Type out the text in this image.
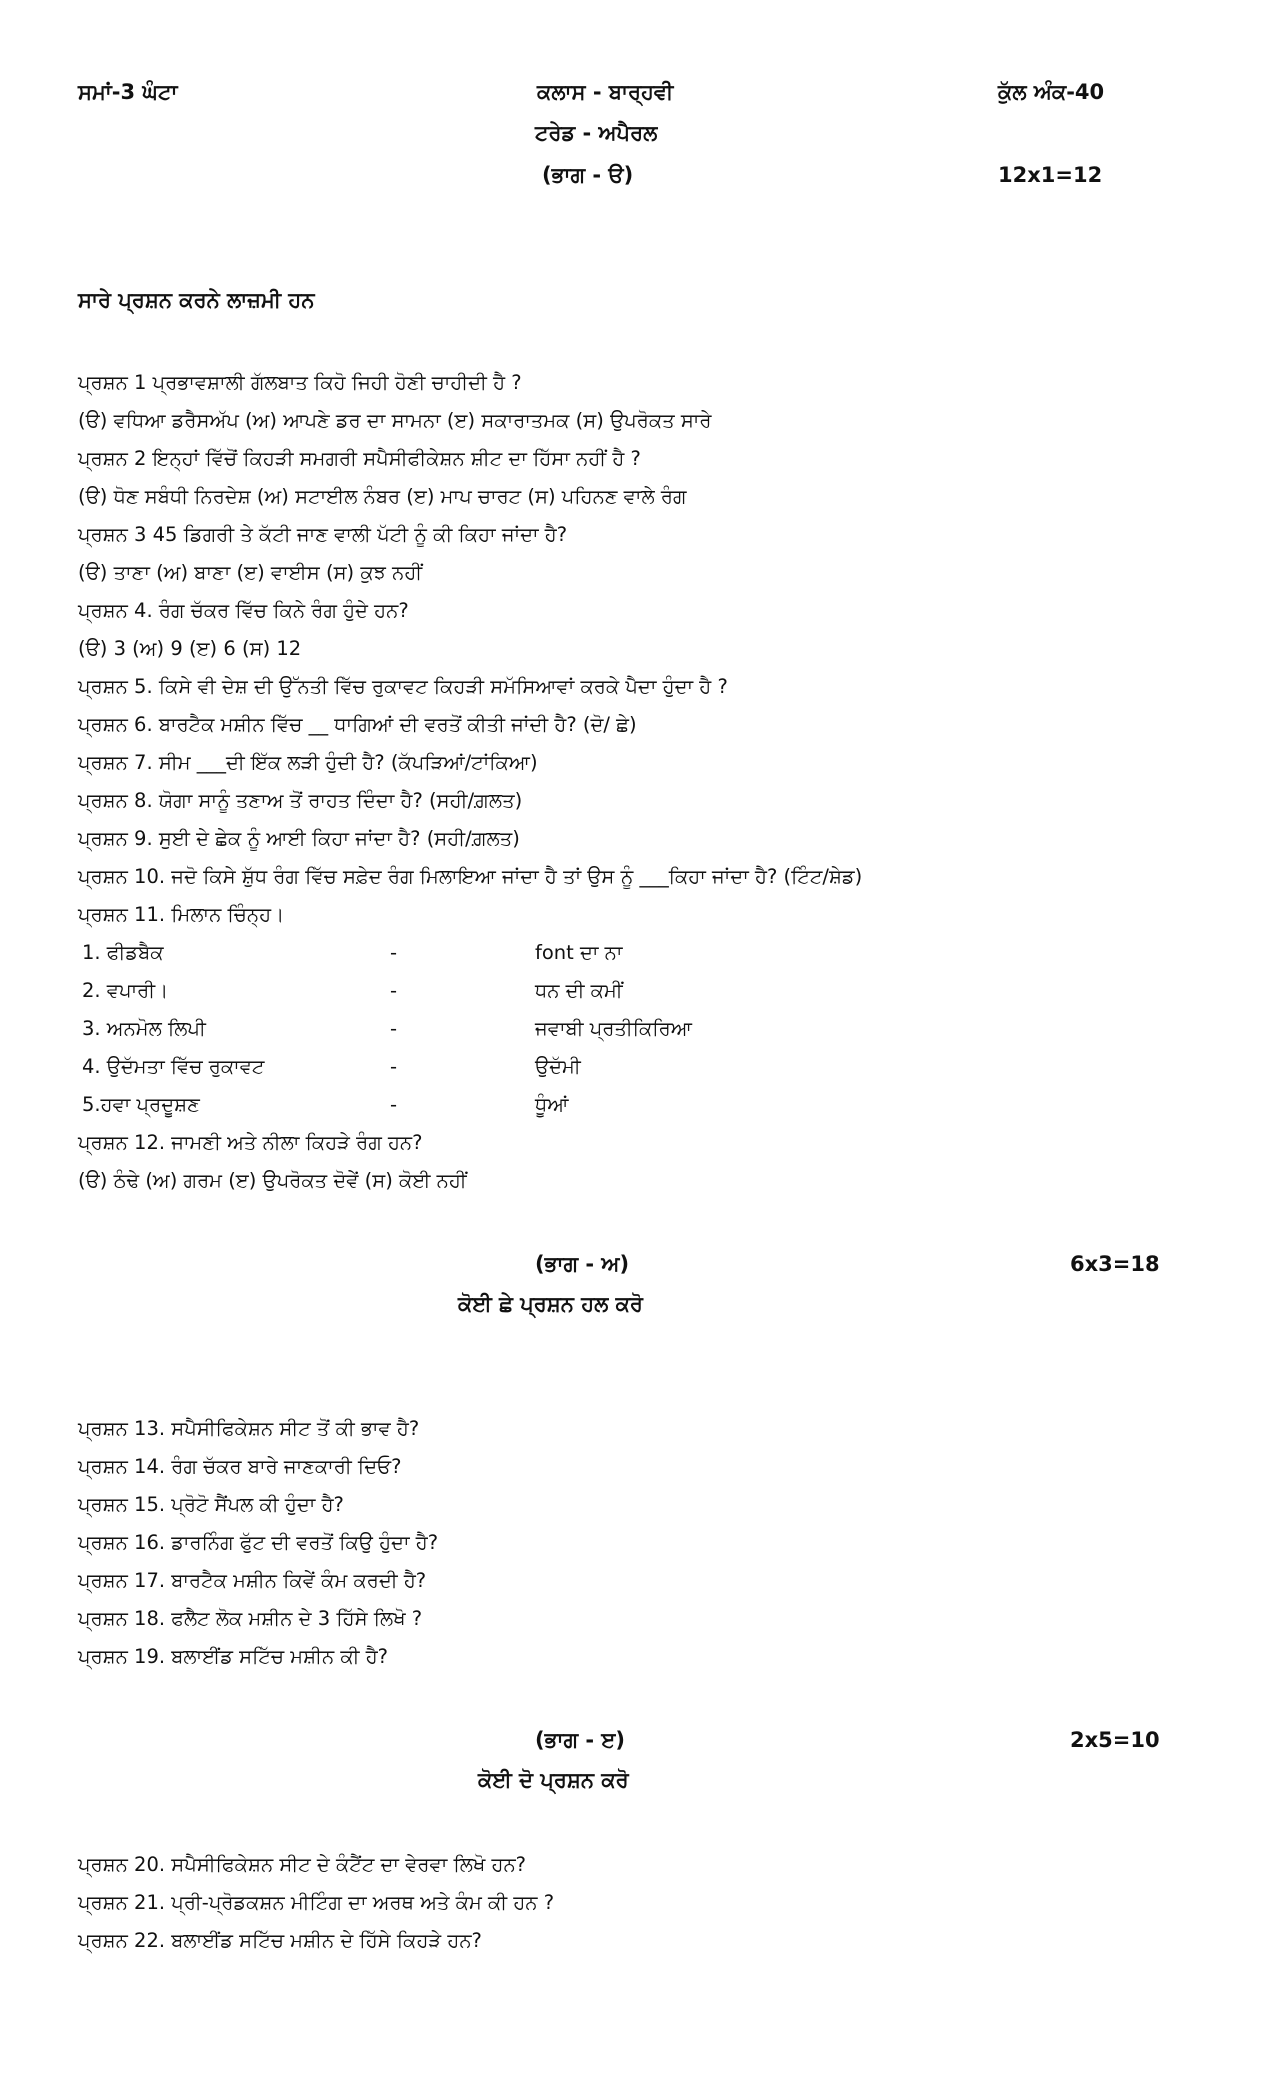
ਸਮਾਂ-3 ਘੰਟਾ	ਕਲਾਸ - ਬਾਰ੍ਹਵੀ	ਕੁੱਲ ਅੰਕ-40
ਟਰੇਡ - ਅਪੈਰਲ
(ਭਾਗ - ੳ)	12x1=12
ਸਾਰੇ ਪ੍ਰਸ਼ਨ ਕਰਨੇ ਲਾਜ਼ਮੀ ਹਨ
ਪ੍ਰਸ਼ਨ 1 ਪ੍ਰਭਾਵਸ਼ਾਲੀ ਗੱਲਬਾਤ ਕਿਹੋ ਜਿਹੀ ਹੋਣੀ ਚਾਹੀਦੀ ਹੈ ?
(ੳ) ਵਧਿਆ ਡਰੈਸਅੱਪ (ਅ) ਆਪਣੇ ਡਰ ਦਾ ਸਾਮਨਾ (ੲ) ਸਕਾਰਾਤਮਕ (ਸ) ਉਪਰੋਕਤ ਸਾਰੇ
ਪ੍ਰਸ਼ਨ 2 ਇਨ੍ਹਾਂ ਵਿੱਚੋਂ ਕਿਹੜੀ ਸਮਗਰੀ ਸਪੈਸੀਫੀਕੇਸ਼ਨ ਸ਼ੀਟ ਦਾ ਹਿੱਸਾ ਨਹੀਂ ਹੈ ?
(ੳ) ਧੋਣ ਸਬੰਧੀ ਨਿਰਦੇਸ਼ (ਅ) ਸਟਾਈਲ ਨੰਬਰ (ੲ) ਮਾਪ ਚਾਰਟ (ਸ) ਪਹਿਨਣ ਵਾਲੇ ਰੰਗ
ਪ੍ਰਸ਼ਨ 3 45 ਡਿਗਰੀ ਤੇ ਕੱਟੀ ਜਾਣ ਵਾਲੀ ਪੱਟੀ ਨੂੰ ਕੀ ਕਿਹਾ ਜਾਂਦਾ ਹੈ?
(ੳ) ਤਾਣਾ (ਅ) ਬਾਣਾ (ੲ) ਵਾਈਸ (ਸ) ਕੁਝ ਨਹੀਂ
ਪ੍ਰਸ਼ਨ 4. ਰੰਗ ਚੱਕਰ ਵਿੱਚ ਕਿਨੇ ਰੰਗ ਹੁੰਦੇ ਹਨ?
(ੳ) 3 (ਅ) 9 (ੲ) 6 (ਸ) 12
ਪ੍ਰਸ਼ਨ 5. ਕਿਸੇ ਵੀ ਦੇਸ਼ ਦੀ ਉੱਨਤੀ ਵਿੱਚ ਰੁਕਾਵਟ ਕਿਹੜੀ ਸਮੱਸਿਆਵਾਂ ਕਰਕੇ ਪੈਦਾ ਹੁੰਦਾ ਹੈ ?
ਪ੍ਰਸ਼ਨ 6. ਬਾਰਟੈਕ ਮਸ਼ੀਨ ਵਿੱਚ __ ਧਾਗਿਆਂ ਦੀ ਵਰਤੋਂ ਕੀਤੀ ਜਾਂਦੀ ਹੈ? (ਦੋ/ ਛੇ)
ਪ੍ਰਸ਼ਨ 7. ਸੀਮ ___ਦੀ ਇੱਕ ਲੜੀ ਹੁੰਦੀ ਹੈ? (ਕੱਪੜਿਆਂ/ਟਾਂਕਿਆ)
ਪ੍ਰਸ਼ਨ 8. ਯੋਗਾ ਸਾਨੂੰ ਤਣਾਅ ਤੋਂ ਰਾਹਤ ਦਿੰਦਾ ਹੈ? (ਸਹੀ/ਗ਼ਲਤ)
ਪ੍ਰਸ਼ਨ 9. ਸੁਈ ਦੇ ਛੇਕ ਨੂੰ ਆਈ ਕਿਹਾ ਜਾਂਦਾ ਹੈ? (ਸਹੀ/ਗ਼ਲਤ)
ਪ੍ਰਸ਼ਨ 10. ਜਦੋ ਕਿਸੇ ਸ਼ੁੱਧ ਰੰਗ ਵਿੱਚ ਸਫ਼ੇਦ ਰੰਗ ਮਿਲਾਇਆ ਜਾਂਦਾ ਹੈ ਤਾਂ ਉਸ ਨੂੰ ___ਕਿਹਾ ਜਾਂਦਾ ਹੈ? (ਟਿੰਟ/ਸ਼ੇਡ)
ਪ੍ਰਸ਼ਨ 11. ਮਿਲਾਨ ਚਿੰਨ੍ਹ।
1. ਫੀਡਬੈਕ	-	font ਦਾ ਨਾ
2. ਵਪਾਰੀ।	-	ਧਨ ਦੀ ਕਮੀਂ
3. ਅਨਮੋਲ ਲਿਪੀ	-	ਜਵਾਬੀ ਪ੍ਰਤੀਕਿਰਿਆ
4. ਉਦੱਮਤਾ ਵਿੱਚ ਰੁਕਾਵਟ	-	ਉਦੱਮੀ
5.ਹਵਾ ਪ੍ਰਦੂਸ਼ਣ	-	ਧੂੰਆਂ
ਪ੍ਰਸ਼ਨ 12. ਜਾਮਣੀ ਅਤੇ ਨੀਲਾ ਕਿਹੜੇ ਰੰਗ ਹਨ?
(ੳ) ਠੰਢੇ (ਅ) ਗਰਮ (ੲ) ਉਪਰੋਕਤ ਦੋਵੇਂ (ਸ) ਕੋਈ ਨਹੀਂ
(ਭਾਗ - ਅ)	6x3=18
ਕੋਈ ਛੇ ਪ੍ਰਸ਼ਨ ਹਲ ਕਰੋ
ਪ੍ਰਸ਼ਨ 13. ਸਪੈਸੀਫਿਕੇਸ਼ਨ ਸੀਟ ਤੋਂ ਕੀ ਭਾਵ ਹੈ?
ਪ੍ਰਸ਼ਨ 14. ਰੰਗ ਚੱਕਰ ਬਾਰੇ ਜਾਣਕਾਰੀ ਦਿਓ?
ਪ੍ਰਸ਼ਨ 15. ਪ੍ਰੋਟੋ ਸੈਂਪਲ ਕੀ ਹੁੰਦਾ ਹੈ?
ਪ੍ਰਸ਼ਨ 16. ਡਾਰਨਿੰਗ ਫੁੱਟ ਦੀ ਵਰਤੋਂ ਕਿਉ ਹੁੰਦਾ ਹੈ?
ਪ੍ਰਸ਼ਨ 17. ਬਾਰਟੈਕ ਮਸ਼ੀਨ ਕਿਵੇਂ ਕੰਮ ਕਰਦੀ ਹੈ?
ਪ੍ਰਸ਼ਨ 18. ਫਲੈਟ ਲੋਕ ਮਸ਼ੀਨ ਦੇ 3 ਹਿੱਸੇ ਲਿਖੋ ?
ਪ੍ਰਸ਼ਨ 19. ਬਲਾਈਂਡ ਸਟਿੱਚ ਮਸ਼ੀਨ ਕੀ ਹੈ?
(ਭਾਗ - ੲ)	2x5=10
ਕੋਈ ਦੋ ਪ੍ਰਸ਼ਨ ਕਰੋ
ਪ੍ਰਸ਼ਨ 20. ਸਪੈਸੀਫਿਕੇਸ਼ਨ ਸੀਟ ਦੇ ਕੰਟੈਂਟ ਦਾ ਵੇਰਵਾ ਲਿਖੋ ਹਨ?
ਪ੍ਰਸ਼ਨ 21. ਪ੍ਰੀ-ਪ੍ਰੋਡਕਸ਼ਨ ਮੀਟਿੰਗ ਦਾ ਅਰਥ ਅਤੇ ਕੰਮ ਕੀ ਹਨ ?
ਪ੍ਰਸ਼ਨ 22. ਬਲਾਈਂਡ ਸਟਿੱਚ ਮਸ਼ੀਨ ਦੇ ਹਿੱਸੇ ਕਿਹੜੇ ਹਨ?
